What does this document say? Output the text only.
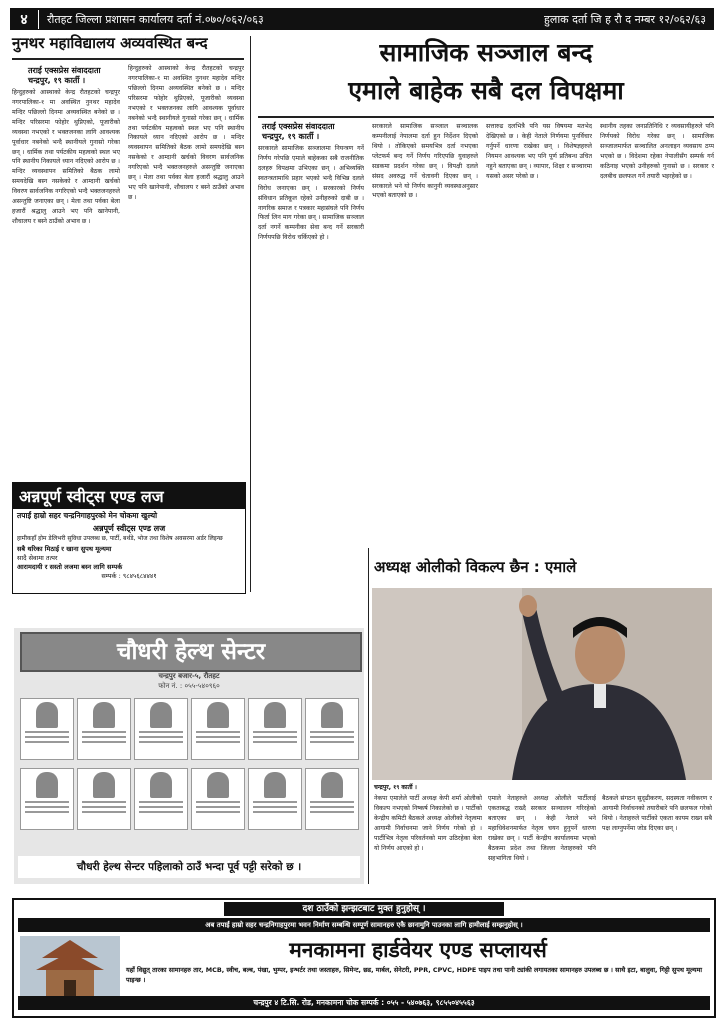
४	रौतहट जिल्ला प्रशासन कार्यालय दर्ता नं.०७०/०६२/०६३	हुलाक दर्ता जि ह रौ द नम्बर १२/०६२/६३
नुनथर महाविद्यालय अव्यवस्थित बन्द
तराई एक्सप्रेस संवाददाता
चन्द्रपुर, १९ कार्ती ।
हिन्दुहरुको आस्थाको केन्द्र रौतहटको चन्द्रपुर नगरपालिका-१ मा अवस्थित नुनथर महादेव मन्दिर पछिल्लो दिनमा अव्यवस्थित बनेको छ । मन्दिर परिसरमा फोहोर थुप्रिएको, पूजारीको व्यवस्था नभएको र भक्तजनका लागि आवश्यक पूर्वाधार नबनेको भन्दै स्थानीयले गुनासो गरेका छन् । धार्मिक तथा पर्यटकीय महत्वको स्थल भए पनि स्थानीय निकायले ध्यान नदिएको आरोप छ । मन्दिर व्यवस्थापन समितिको बैठक लामो समयदेखि बस्न नसकेको र आम्दानी खर्चको विवरण सार्वजनिक नगरिएको भन्दै भक्तजनहरुले असन्तुष्टि जनाएका छन् । मेला तथा पर्वका बेला हजारौं श्रद्धालु आउने भए पनि खानेपानी, शौचालय र बस्ने ठाउँको अभाव छ ।
हिन्दुहरुको आस्थाको केन्द्र रौतहटको चन्द्रपुर नगरपालिका-१ मा अवस्थित नुनथर महादेव मन्दिर पछिल्लो दिनमा अव्यवस्थित बनेको छ । मन्दिर परिसरमा फोहोर थुप्रिएको, पूजारीको व्यवस्था नभएको र भक्तजनका लागि आवश्यक पूर्वाधार नबनेको भन्दै स्थानीयले गुनासो गरेका छन् । धार्मिक तथा पर्यटकीय महत्वको स्थल भए पनि स्थानीय निकायले ध्यान नदिएको आरोप छ । मन्दिर व्यवस्थापन समितिको बैठक लामो समयदेखि बस्न नसकेको र आम्दानी खर्चको विवरण सार्वजनिक नगरिएको भन्दै भक्तजनहरुले असन्तुष्टि जनाएका छन् । मेला तथा पर्वका बेला हजारौं श्रद्धालु आउने भए पनि खानेपानी, शौचालय र बस्ने ठाउँको अभाव छ ।
अन्नपूर्ण स्वीट्स एण्ड लज
तपाईं हाम्रो सहर चन्द्रनिगाहपुरको मेन चोकमा खुल्यो
अन्नपूर्ण स्वीट्स एण्ड लज
हामीकहाँ होम डेलिभरी सुविधा उपलब्ध छ, पार्टी, बर्थडे, भोज तथा विशेष अवसरमा अर्डर लिइन्छ
सबै थरिका मिठाई र खाना सुपथ मूल्यमा
सादै सेवामा तत्पर
आरामदायी र सस्तो लजमा बस्न लागि सम्पर्क
सम्पर्क : ९८४५६८४४४१
सामाजिक सञ्जाल बन्द
एमाले बाहेक सबै दल विपक्षमा
तराई एक्सप्रेस संवाददाता
चन्द्रपुर, १९ कार्ती ।
सरकारले सामाजिक सञ्जालमा नियन्त्रण गर्ने निर्णय गरेपछि एमाले बाहेकका सबै राजनीतिक दलहरु विपक्षमा उभिएका छन् । अभिव्यक्ति स्वतन्त्रतामाथि प्रहार भएको भन्दै विभिन्न दलले विरोध जनाएका छन् । सरकारको निर्णय संविधान प्रतिकूल रहेको उनीहरुको दाबी छ । नागरिक समाज र पत्रकार महासंघले पनि निर्णय फिर्ता लिन माग गरेका छन् । सामाजिक सञ्जाल दर्ता नगर्ने कम्पनीका सेवा बन्द गर्ने सरकारी निर्णयपछि विरोध चर्किएको हो ।
सरकारले सामाजिक सञ्जाल सञ्चालक कम्पनीलाई नेपालमा दर्ता हुन निर्देशन दिएको थियो । तोकिएको समयभित्र दर्ता नभएका प्लेटफर्म बन्द गर्ने निर्णय गरिएपछि युवाहरुले सडकमा प्रदर्शन गरेका छन् । विपक्षी दलले संसद अवरुद्ध गर्ने चेतावनी दिएका छन् । सरकारले भने यो निर्णय कानुनी व्यवस्थाअनुसार भएको बताएको छ ।
सत्तारुढ दलभित्रै पनि यस विषयमा मतभेद देखिएको छ । केही नेताले निर्णयमा पुनर्विचार गर्नुपर्ने धारणा राखेका छन् । विशेषज्ञहरुले नियमन आवश्यक भए पनि पूर्ण प्रतिबन्ध उचित नहुने बताएका छन् । व्यापार, शिक्षा र सञ्चारमा यसको असर परेको छ ।
स्थानीय तहका जनप्रतिनिधि र व्यवसायीहरुले पनि निर्णयको विरोध गरेका छन् । सामाजिक सञ्जालमार्फत सञ्चालित अनलाइन व्यवसाय ठप्प भएको छ । विदेशमा रहेका नेपालीसँग सम्पर्क गर्न कठिनाइ भएको उनीहरुको गुनासो छ । सरकार र दलबीच छलफल गर्ने तयारी भइरहेको छ ।
चौधरी हेल्थ सेन्टर
चन्द्रपुर बजार-५, रौतहट
फोन नं. : ०५५-५४०९६०
चौधरी हेल्थ सेन्टर पहिलाको ठाउँ भन्दा पूर्व पट्टी सरेको छ ।
अध्यक्ष ओलीको विकल्प छैन : एमाले
चन्द्रपुर, १९ कार्ती ।
नेकपा एमालेले पार्टी अध्यक्ष केपी शर्मा ओलीको विकल्प नभएको निष्कर्ष निकालेको छ । पार्टीको केन्द्रीय कमिटी बैठकले अध्यक्ष ओलीको नेतृत्वमा आगामी निर्वाचनमा जाने निर्णय गरेको हो । पार्टीभित्र नेतृत्व परिवर्तनको माग उठिरहेका बेला यो निर्णय आएको हो ।
एमाले नेताहरुले अध्यक्ष ओलीले पार्टीलाई एकताबद्ध राख्दै सरकार सञ्चालन गरिरहेको बताएका छन् । केही नेताले भने महाधिवेशनमार्फत नेतृत्व चयन हुनुपर्ने धारणा राखेका छन् । पार्टी केन्द्रीय कार्यालयमा भएको बैठकमा प्रदेश तथा जिल्ला नेताहरुको पनि सहभागिता थियो ।
बैठकले संगठन सुदृढीकरण, सदस्यता नवीकरण र आगामी निर्वाचनको तयारीबारे पनि छलफल गरेको थियो । नेताहरुले पार्टीको एकता कायम राख्न सबै पक्ष लाग्नुपर्नेमा जोड दिएका छन् ।
दश ठाउँको झन्झटबाट मुक्त हुनुहोस् ।
अब तपाईं हाम्रो सहर चन्द्रनिगाहपुरमा भवन निर्माण सम्बन्धि सम्पूर्ण सामानहरु एकै छानामुनि पाउनका लागि हामीलाई सम्झनुहोस् ।
मनकामना हार्डवेयर एण्ड सप्लायर्स
यहाँ विद्युत् तारका सामानहरु तार, MCB, स्वीच, बल्ब, पंखा, भुम्पर, इन्भर्टर तथा जस्ताहरु, सिमेन्ट, छड, मार्बल, सेनेटरी, PPR, CPVC, HDPE पाइप तथा पानी ट्यांकी लगायतका सामानहरु उपलब्ध छ । साथै इटा, बालुवा, गिट्टी सुपथ मूल्यमा पाइन्छ ।
चन्द्रपुर ४ टि.सि. रोड, मनकामना चोक सम्पर्क : ०५५ - ५४०७६३, ९८५५०४५५६३
